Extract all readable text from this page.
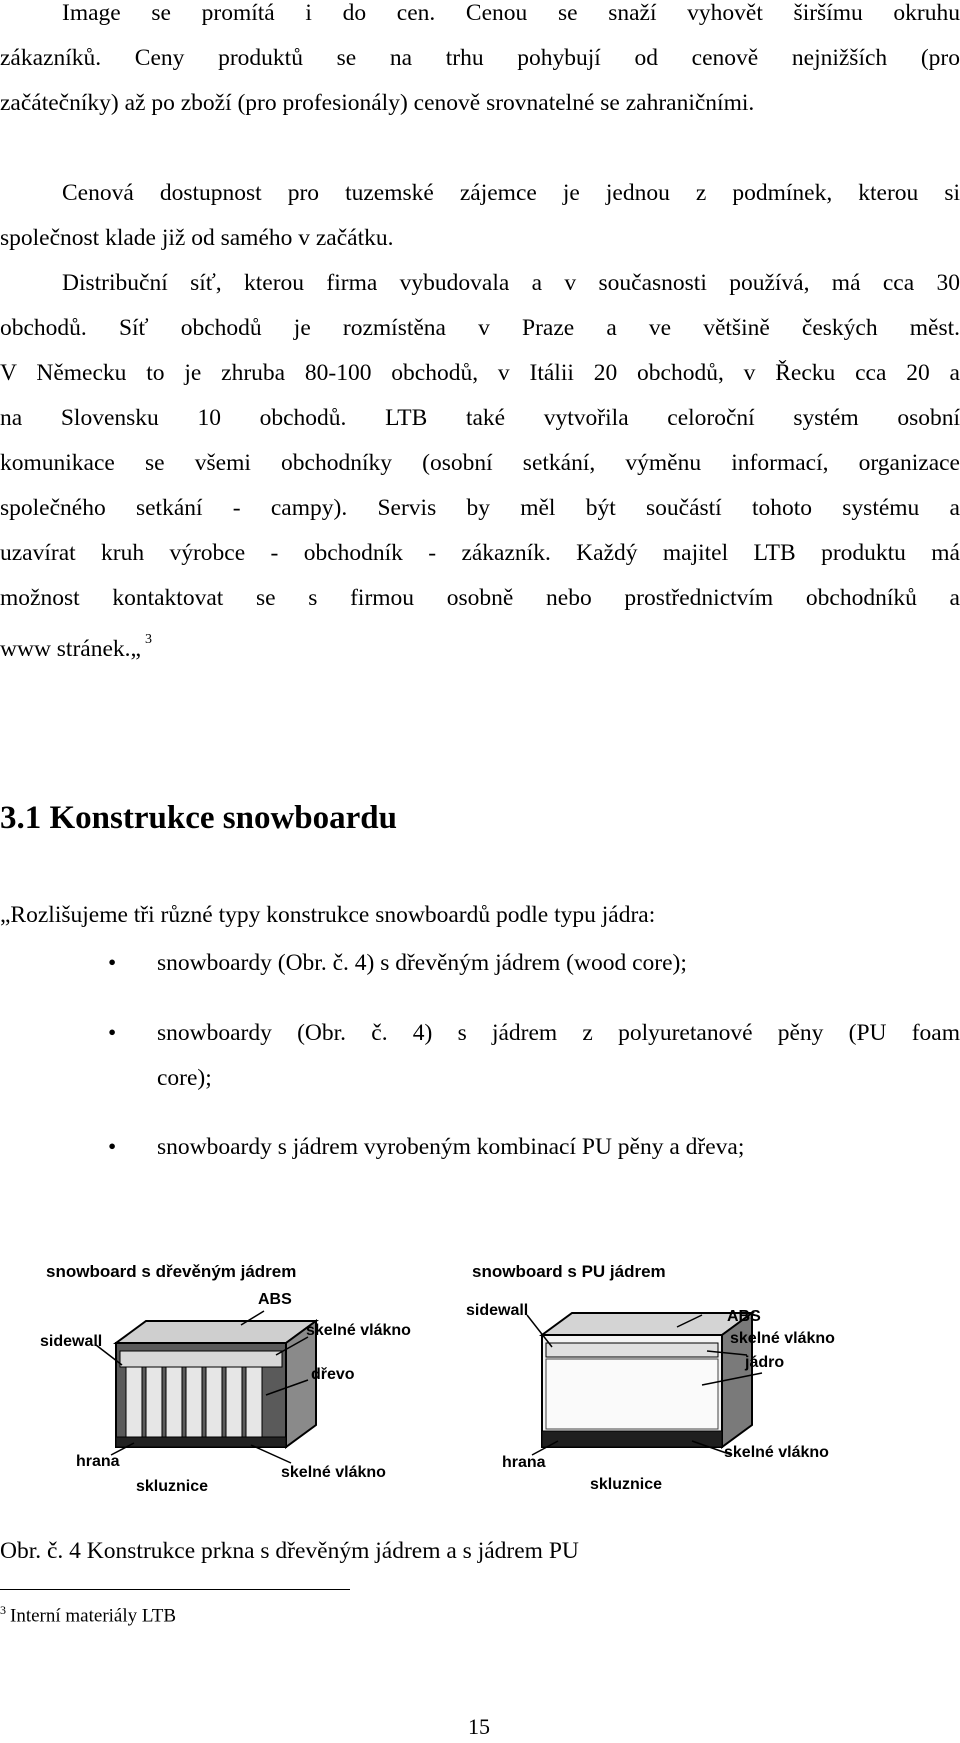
Image se promítá i do cen. Cenou se snaží vyhovět širšímu okruhu

zákazníků. Ceny produktů se na trhu pohybují od cenově nejnižších (pro

začátečníky) až po zboží (pro profesionály) cenově srovnatelné se zahraničními.

Cenová dostupnost pro tuzemské zájemce je jednou z podmínek, kterou si

společnost klade již od samého v začátku.

Distribuční síť, kterou firma vybudovala a v současnosti používá, má cca 30

obchodů. Síť obchodů je rozmístěna v Praze a ve většině českých měst.

V Německu to je zhruba 80-100 obchodů, v Itálii 20 obchodů, v Řecku cca 20 a

na Slovensku 10 obchodů. LTB také vytvořila celoroční systém osobní

komunikace se všemi obchodníky (osobní setkání, výměnu informací, organizace

společného setkání - campy). Servis by měl být součástí tohoto systému a

uzavírat kruh výrobce - obchodník - zákazník. Každý majitel LTB produktu má

možnost kontaktovat se s firmou osobně nebo prostřednictvím obchodníků a

www stránek.„ $^3$

3.1 Konstrukce snowboardu

„Rozlišujeme tři různé typy konstrukce snowboardů podle typu jádra:

• snowboardy (Obr. č. 4) s dřevěným jádrem (wood core);
• snowboardy (Obr. č. 4) s jádrem z polyuretanové pěny (PU foam
core);
• snowboardy s jádrem vyrobeným kombinací PU pěny a dřeva;
snowboard s dřevěným jádrem
ABS
sidewall
skelné vlákno
dřevo
hrana
skelné vlákno
skluznice
snowboard s PU jádrem
ABS
sidewall
skelné vlákno
jádro
hrana
skelné vlákno
skluznice

Obr. č. 4 Konstrukce prkna s dřevěným jádrem a s jádrem PU

$^3$ Interní materiály LTB
15
